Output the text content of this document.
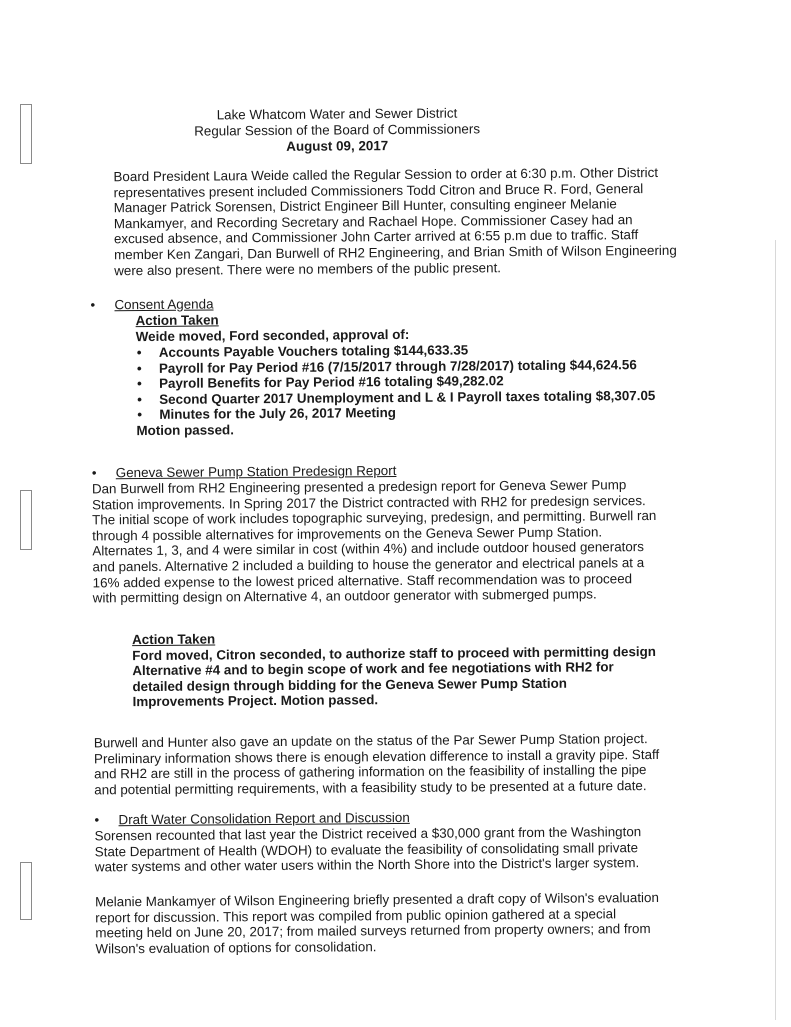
Lake Whatcom Water and Sewer District
Regular Session of the Board of Commissioners
August 09, 2017
Board President Laura Weide called the Regular Session to order at 6:30 p.m. Other District
representatives present included Commissioners Todd Citron and Bruce R. Ford, General
Manager Patrick Sorensen, District Engineer Bill Hunter, consulting engineer Melanie
Mankamyer, and Recording Secretary and Rachael Hope. Commissioner Casey had an
excused absence, and Commissioner John Carter arrived at 6:55 p.m due to traffic. Staff
member Ken Zangari, Dan Burwell of RH2 Engineering, and Brian Smith of Wilson Engineering
were also present. There were no members of the public present.
• Consent Agenda
Action Taken
Weide moved, Ford seconded, approval of:
• Accounts Payable Vouchers totaling $144,633.35
• Payroll for Pay Period #16 (7/15/2017 through 7/28/2017) totaling $44,624.56
• Payroll Benefits for Pay Period #16 totaling $49,282.02
• Second Quarter 2017 Unemployment and L & I Payroll taxes totaling $8,307.05
• Minutes for the July 26, 2017 Meeting
Motion passed.
• Geneva Sewer Pump Station Predesign Report
Dan Burwell from RH2 Engineering presented a predesign report for Geneva Sewer Pump
Station improvements. In Spring 2017 the District contracted with RH2 for predesign services.
The initial scope of work includes topographic surveying, predesign, and permitting. Burwell ran
through 4 possible alternatives for improvements on the Geneva Sewer Pump Station.
Alternates 1, 3, and 4 were similar in cost (within 4%) and include outdoor housed generators
and panels. Alternative 2 included a building to house the generator and electrical panels at a
16% added expense to the lowest priced alternative. Staff recommendation was to proceed
with permitting design on Alternative 4, an outdoor generator with submerged pumps.
Action Taken
Ford moved, Citron seconded, to authorize staff to proceed with permitting design
Alternative #4 and to begin scope of work and fee negotiations with RH2 for
detailed design through bidding for the Geneva Sewer Pump Station
Improvements Project. Motion passed.
Burwell and Hunter also gave an update on the status of the Par Sewer Pump Station project.
Preliminary information shows there is enough elevation difference to install a gravity pipe. Staff
and RH2 are still in the process of gathering information on the feasibility of installing the pipe
and potential permitting requirements, with a feasibility study to be presented at a future date.
• Draft Water Consolidation Report and Discussion
Sorensen recounted that last year the District received a $30,000 grant from the Washington
State Department of Health (WDOH) to evaluate the feasibility of consolidating small private
water systems and other water users within the North Shore into the District's larger system.
Melanie Mankamyer of Wilson Engineering briefly presented a draft copy of Wilson's evaluation
report for discussion. This report was compiled from public opinion gathered at a special
meeting held on June 20, 2017; from mailed surveys returned from property owners; and from
Wilson's evaluation of options for consolidation.
